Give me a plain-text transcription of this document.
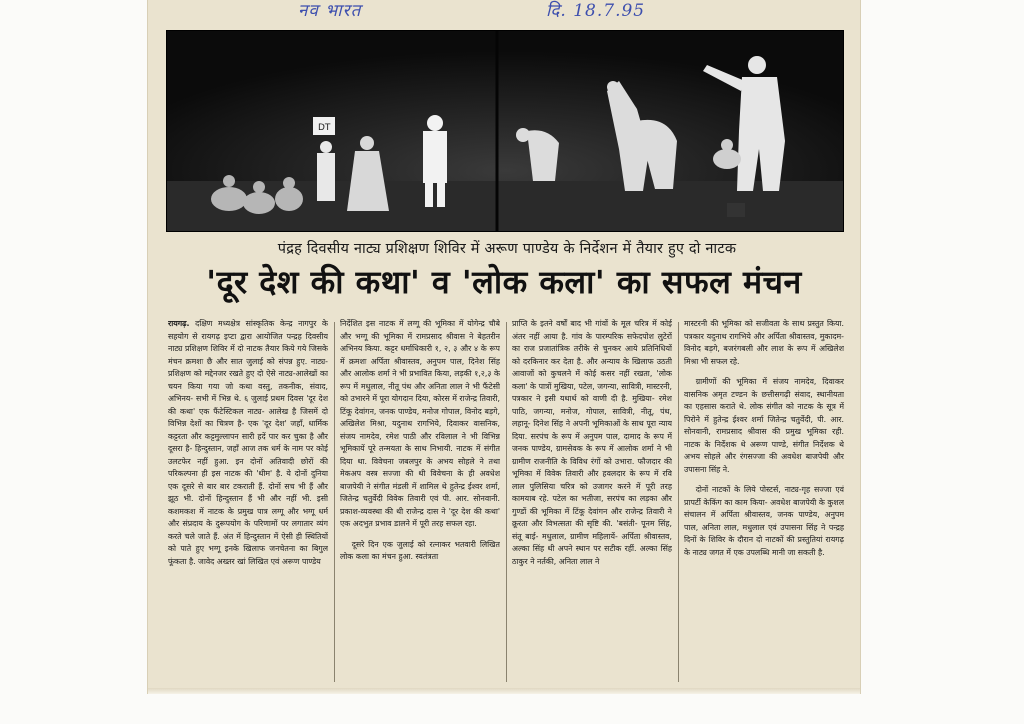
नव भारत	दि. 18.7.95
DT
पंद्रह दिवसीय नाट्य प्रशिक्षण शिविर में अरूण पाण्डेय के निर्देशन में तैयार हुए दो नाटक
'दूर देश की कथा' व 'लोक कला' का सफल मंचन

रायगढ़. दक्षिण मध्यक्षेत्र सांस्कृतिक केन्द्र नागपुर के सहयोग से रायगढ़ इप्टा द्वारा आयोजित पन्द्रह दिवसीय नाट्य प्रशिक्षण शिविर में दो नाटक तैयार किये गये जिसके मंचन क्रमशः छै और सात जुलाई को संपन्न हुए. नाट्य-प्रशिक्षण को मद्देनजर रखते हुए दो ऐसे नाट्य-आलेखों का चयन किया गया जो कथा वस्तु, तकनीक, संवाद, अभिनय- सभी में भिन्न थे. ६ जुलाई प्रथम दिवस 'दूर देश की कथा' एक फैंटेस्टिकल नाट्य- आलेख है जिसमें दो विभिन्न देशों का चित्रण है- एक 'दूर देश' जहाँ, धार्मिक कट्टरता और कट्टमुल्लापन सारी हदें पार कर चुका है और दूसरा है- हिन्दुस्तान, जहाँ आज तक धर्म के नाम पर कोई उलटफेर नहीं हुआ. इन दोनों अतिवादी छोरों की परिकल्पना ही इस नाटक की 'थीम' है. ये दोनों दुनिया एक दूसरे से बार बार टकराती हैं. दोनों सच भी हैं और झूठ भी. दोनों हिन्दुस्तान हैं भी और नहीं भी. इसी कशमकश में नाटक के प्रमुख पात्र लग्गू और भग्गू धर्म और संप्रदाय के दुरूपयोग के परिणामों पर लगातार व्यंग करते चले जाते हैं. अंत में हिन्दुस्तान में ऐसी ही स्थितियों को पाते हुए भग्गू इनके खिलाफ जनचेतना का बिगुल फूंकता है. जावेद अख्तर खां लिखित एवं अरूण पाण्डेय

निर्देशित इस नाटक में लग्गू की भूमिका में योगेन्द्र चौबे और भग्गू की भूमिका में रामप्रसाद श्रीवास ने बेहतरीन अभिनय किया. कट्टर धर्माधिकारी १, २, ३ और ४ के रूप में क्रमशः अर्पिता श्रीवास्तव, अनुपम पाल, दिनेश सिंह और आलोक शर्मा ने भी प्रभावित किया, लड़की १,२,३ के रूप में मधुलाल, नीतू पंथ और अनिता लाल ने भी फैंटेसी को उभारने में पूरा योगदान दिया, कोरस में राजेन्द्र तिवारी, टिंकू देवांगन, जनक पाण्डेय, मनोज गोपाल, विनोद बड़गे, अखिलेश मिश्रा, यदुनाथ रागभिये, दिवाकर वासनिक, संजय नामदेव, रमेश पाठी और रविलाल ने भी विभिन्न भूमिकायें पूरे तन्मयता के साथ निभायी. नाटक में संगीत दिया था. विवेचना जबलपुर के अभय सोहले ने तथा मेकअप वस्त्र सज्जा की थी विवेचना के ही अवधेश बाजपेयी ने संगीत मंडली में शामिल थे हुतेन्द्र ईश्वर शर्मा, जितेन्द्र चतुर्वेदी विवेक तिवारी एवं पी. आर. सोनवानी. प्रकाश-व्यवस्था की थी राजेन्द्र दास ने 'दूर देश की कथा' एक अदभुत प्रभाव डालने में पूरी तरह सफल रहा.

दूसरे दिन एक जुलाई को रत्नाकर भतवारी लिखित लोक कला का मंचन हुआ. स्वतंत्रता

प्राप्ति के इतने वर्षों बाद भी गांवों के मूल चरित्र में कोई अंतर नहीं आया है. गांव के पारम्परिक सफेदपोश लुटेरों का राज प्रजातांत्रिक तरीके से चुनकर आये प्रतिनिधियों को दरकिनार कर देता है. और अन्याय के खिलाफ उठती आवाजों को कुचलने में कोई कसर नहीं रखता, 'लोक कला' के पात्रों मुखिया, पटेल, जगन्या, सावित्री, मास्टरनी, पत्रकार ने इसी यथार्थ को वाणी दी है. मुखिया- रमेश पाठि, जगन्या, मनोज, गोपाल, सावित्री, नीतू, पंथ, लहानू- दिनेश सिंह ने अपनी भूमिकाओं के साथ पूरा न्याय दिया. सरपंच के रूप में अनुपम पाल, दामाद के रूप में जनक पाण्डेय, ग्रामसेवक के रूप में आलोक शर्मा ने भी ग्रामीण राजनीति के विविध रंगों को उभारा. फौजदार की भूमिका में विवेक तिवारी और हवलदार के रूप में रवि लाल पुलिसिया चरित्र को उजागर करने में पूरी तरह कामयाब रहे. पटेल का भतीजा, सरपंच का लड़का और गुण्डों की भूमिका में टिंकू देवांगन और राजेन्द्र तिवारी ने क्रूरता और विभत्सता की सृष्टि की. 'बसंती- पूनम सिंह, संतू बाई- मधुलाल, ग्रामीण महिलायें- अर्पिता श्रीवास्तव, अल्का सिंह थी अपने स्थान पर सटीक रहीं. अल्का सिंह ठाकुर ने नर्तकी, अनिता लाल ने

मास्टरनी की भूमिका को सजीवता के साथ प्रस्तुत किया. पत्रकार यदुनाथ रागभिये और अर्पिता श्रीवास्तव, मुकादम- विनोद बड़गे, बजरंगबली और लाश के रूप में अखिलेश मिश्रा भी सफल रहे.

ग्रामीणों की भूमिका में संजय नामदेव, दिवाकर वासनिक अमृत टण्डन के छत्तीसगढ़ी संवाद, स्थानीयता का एहसास कराते थे. लोक संगीत को नाटक के सूत्र में पिरोने में हुतेन्द्र ईश्वर शर्मा जितेन्द्र चतुर्वेदी, पी. आर. सोनवानी, रामप्रसाद श्रीवास की प्रमुख भूमिका रही. नाटक के निर्देशक थे अरूण पाण्डे, संगीत निर्देशक थे अभय सोहले और रंगसज्जा की अवधेश बाजपेयी और उपासना सिंह ने.

दोनों नाटकों के लिये पोस्टर्स, नाट्य-गृह सज्जा एवं प्रापर्टी केकिंग का काम किया- अवधेश बाजपेयी के कुशल संचालन में अर्पिता श्रीवास्तव, जनक पाण्डेय, अनुपम पाल, अनिता लाल, मधुलाल एवं उपासना सिंह ने पन्द्रह दिनों के शिविर के दौरान दो नाटकों की प्रस्तुतियां रायगढ़ के नाट्य जगत में एक उपलब्धि मानी जा सकती है.
